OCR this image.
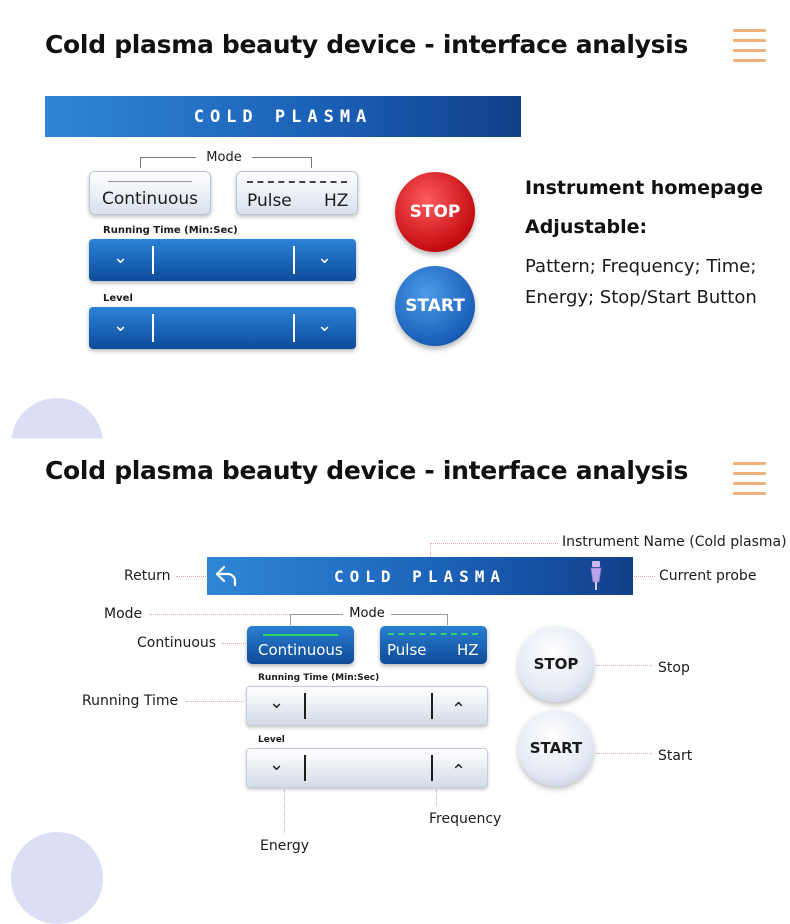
Cold plasma beauty device - interface analysis
COLD PLASMA
Mode
Continuous	Pulse HZ
Running Time (Min:Sec)
⌄	⌄
Level
⌄	⌄
STOP
START
Instrument homepage
Adjustable:
Pattern; Frequency; Time;
Energy; Stop/Start Button
Cold plasma beauty device - interface analysis
COLD PLASMA
Instrument Name (Cold plasma)
Return	Current probe
Mode
Continuous
Running Time
Stop
Start
Frequency
Energy
Mode
Continuous	Pulse HZ
Running Time (Min:Sec)
⌄	⌃
Level
⌄	⌃
STOP
START
